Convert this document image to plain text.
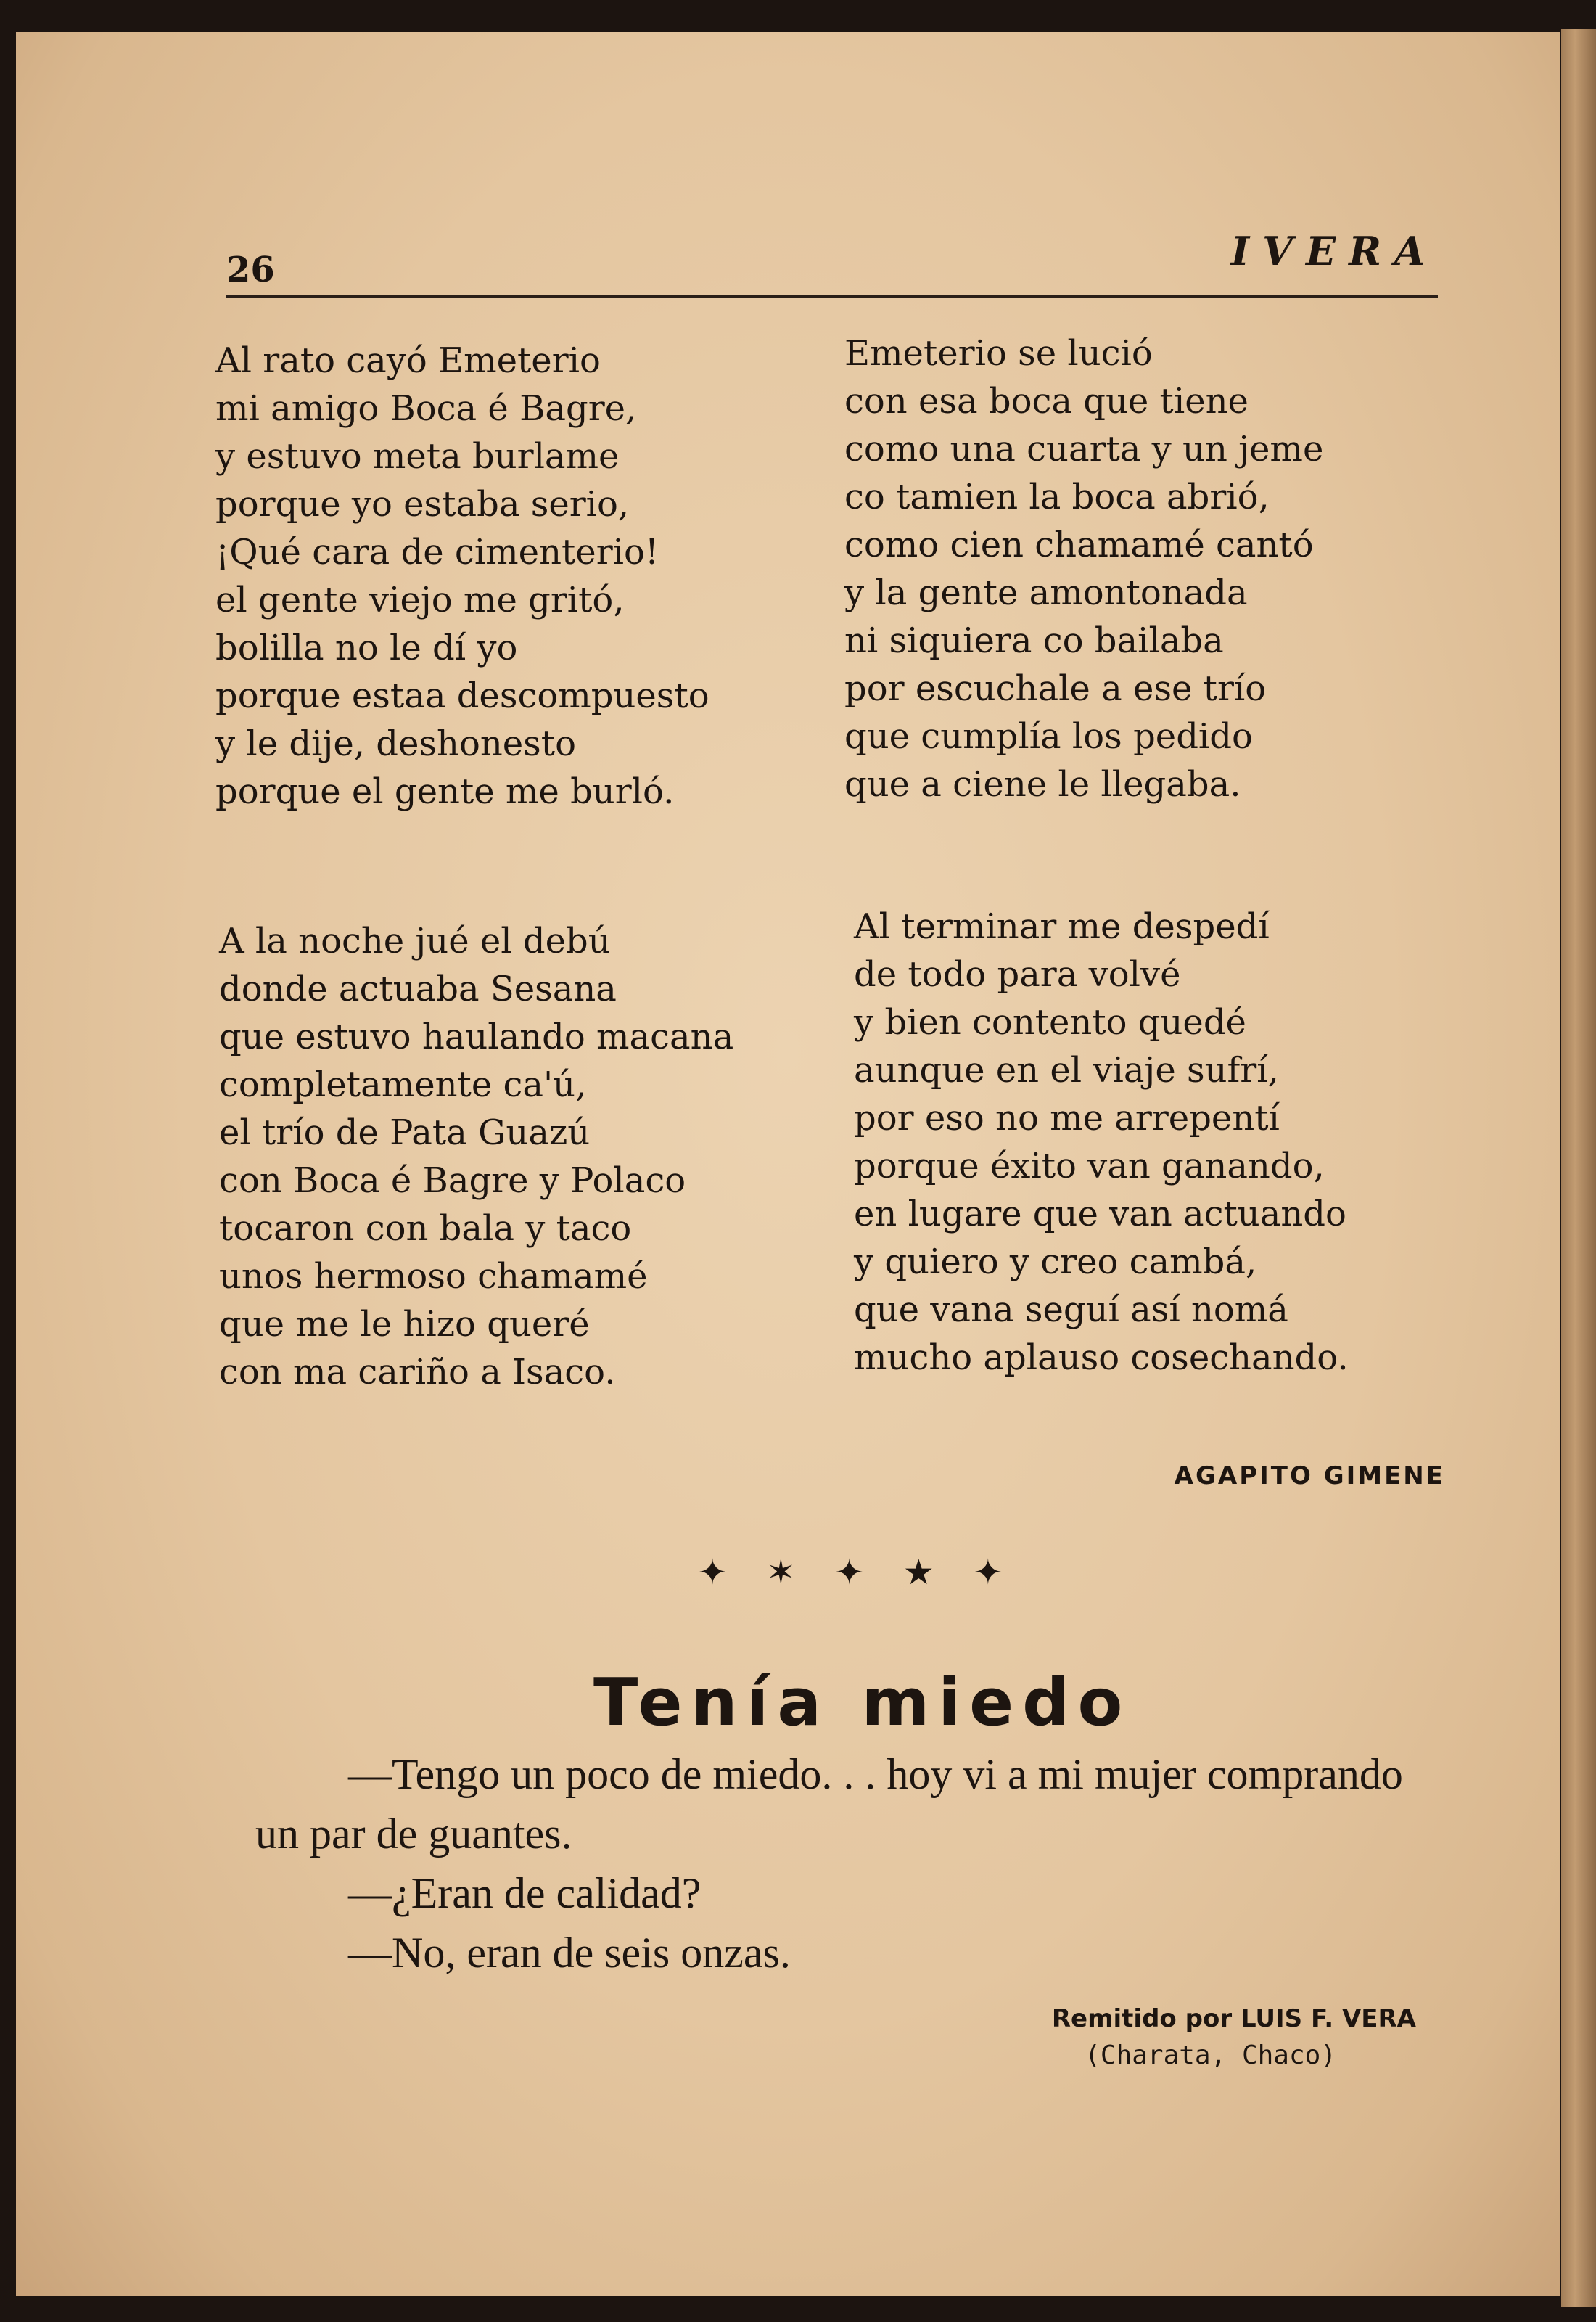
26	IVERA

Al rato cayó Emeterio
mi amigo Boca é Bagre,
y estuvo meta burlame
porque yo estaba serio,
¡Qué cara de cimenterio!
el gente viejo me gritó,
bolilla no le dí yo
porque estaa descompuesto
y le dije, deshonesto
porque el gente me burló.

Emeterio se lució
con esa boca que tiene
como una cuarta y un jeme
co tamien la boca abrió,
como cien chamamé cantó
y la gente amontonada
ni siquiera co bailaba
por escuchale a ese trío
que cumplía los pedido
que a ciene le llegaba.

A la noche jué el debú
donde actuaba Sesana
que estuvo haulando macana
completamente ca'ú,
el trío de Pata Guazú
con Boca é Bagre y Polaco
tocaron con bala y taco
unos hermoso chamamé
que me le hizo queré
con ma cariño a Isaco.

Al terminar me despedí
de todo para volvé
y bien contento quedé
aunque en el viaje sufrí,
por eso no me arrepentí
porque éxito van ganando,
en lugare que van actuando
y quiero y creo cambá,
que vana seguí así nomá
mucho aplauso cosechando.

AGAPITO GIMENE
✦ ✶ ✦ ★ ✦
Tenía miedo

—Tengo un poco de miedo. . . hoy vi a mi mujer comprando

un par de guantes.

—¿Eran de calidad?

—No, eran de seis onzas.

Remitido por LUIS F. VERA
(Charata, Chaco)
